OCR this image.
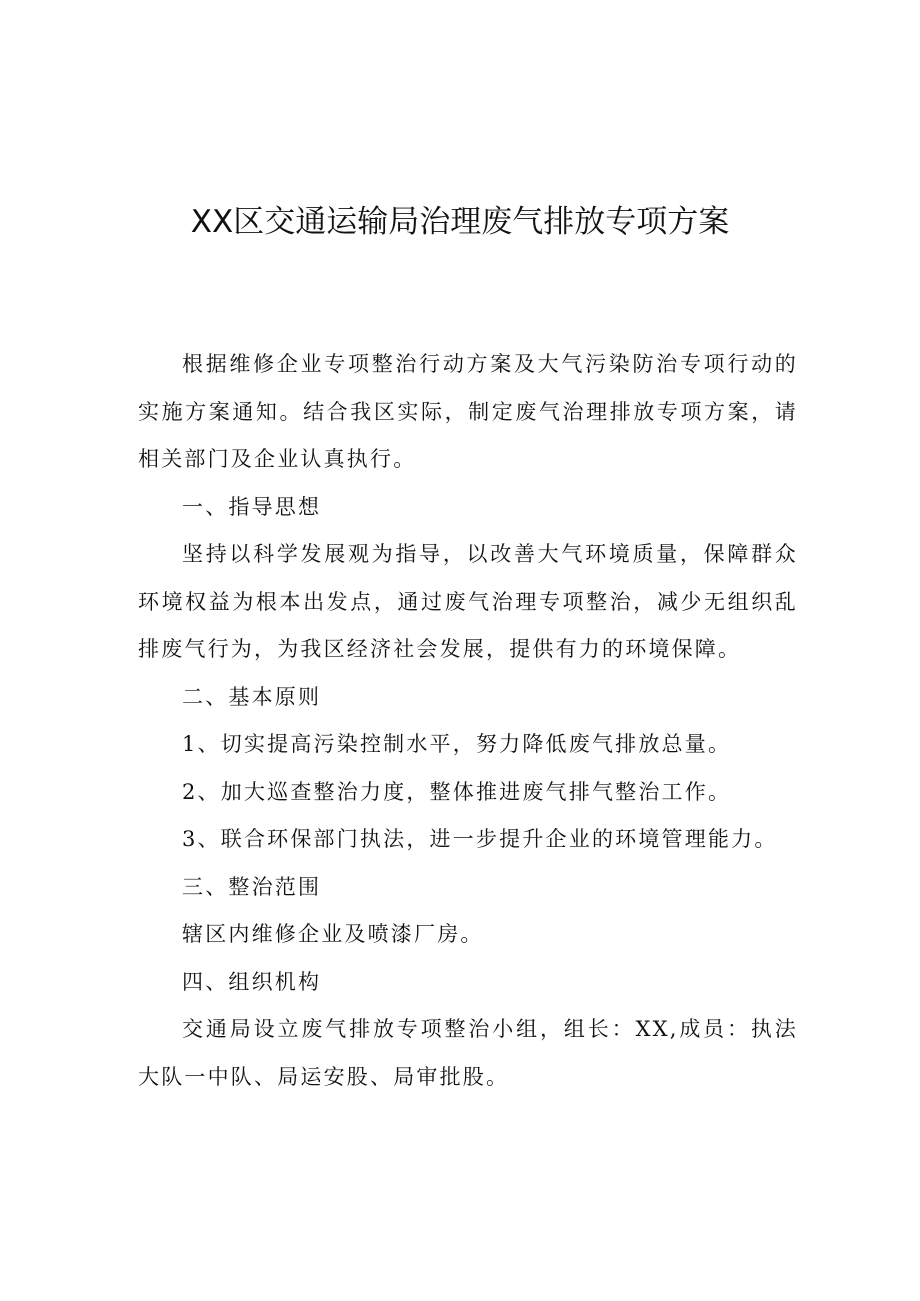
XX区交通运输局治理废气排放专项方案

根据维修企业专项整治行动方案及大气污染防治专项行动的实施方案通知。结合我区实际，制定废气治理排放专项方案，请相关部门及企业认真执行。

一、指导思想

坚持以科学发展观为指导，以改善大气环境质量，保障群众环境权益为根本出发点，通过废气治理专项整治，减少无组织乱排废气行为，为我区经济社会发展，提供有力的环境保障。

二、基本原则

1、切实提高污染控制水平，努力降低废气排放总量。

2、加大巡查整治力度，整体推进废气排气整治工作。

3、联合环保部门执法，进一步提升企业的环境管理能力。

三、整治范围

辖区内维修企业及喷漆厂房。

四、组织机构

交通局设立废气排放专项整治小组，组长：XX,成员：执法大队一中队、局运安股、局审批股。
